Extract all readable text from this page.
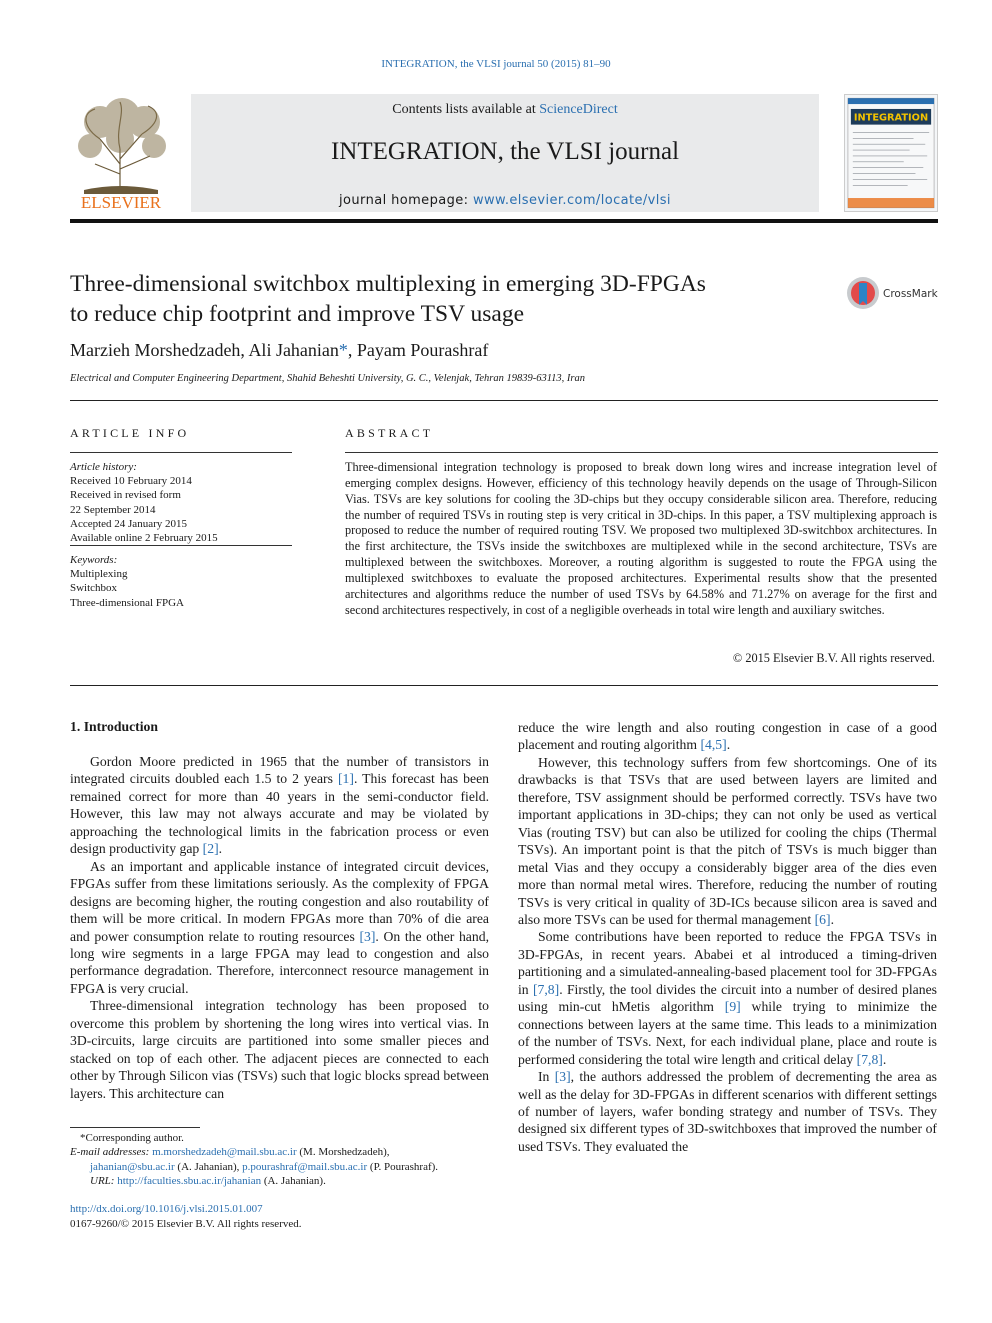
INTEGRATION, the VLSI journal 50 (2015) 81–90
ELSEVIER
Contents lists available at ScienceDirect
INTEGRATION, the VLSI journal
journal homepage: www.elsevier.com/locate/vlsi
INTEGRATION
Three-dimensional switchbox multiplexing in emerging 3D-FPGAs
to reduce chip footprint and improve TSV usage
CrossMark
Marzieh Morshedzadeh, Ali Jahanian*, Payam Pourashraf
Electrical and Computer Engineering Department, Shahid Beheshti University, G. C., Velenjak, Tehran 19839-63113, Iran
ARTICLE INFO
Article history:
Received 10 February 2014
Received in revised form
22 September 2014
Accepted 24 January 2015
Available online 2 February 2015
Keywords:
Multiplexing
Switchbox
Three-dimensional FPGA
ABSTRACT
Three-dimensional integration technology is proposed to break down long wires and increase integration level of emerging complex designs. However, efficiency of this technology heavily depends on the usage of Through-Silicon Vias. TSVs are key solutions for cooling the 3D-chips but they occupy considerable silicon area. Therefore, reducing the number of required TSVs in routing step is very critical in 3D-chips. In this paper, a TSV multiplexing approach is proposed to reduce the number of required routing TSV. We proposed two multiplexed 3D-switchbox architectures. In the first architecture, the TSVs inside the switchboxes are multiplexed while in the second architecture, TSVs are multiplexed between the switchboxes. Moreover, a routing algorithm is suggested to route the FPGA using the multiplexed switchboxes to evaluate the proposed architectures. Experimental results show that the presented architectures and algorithms reduce the number of used TSVs by 64.58% and 71.27% on average for the first and second architectures respectively, in cost of a negligible overheads in total wire length and auxiliary switches.
© 2015 Elsevier B.V. All rights reserved.
1. Introduction

Gordon Moore predicted in 1965 that the number of transistors in integrated circuits doubled each 1.5 to 2 years [1]. This forecast has been remained correct for more than 40 years in the semi-conductor field. However, this law may not always accurate and may be violated by approaching the technological limits in the fabrication process or even design productivity gap [2].

As an important and applicable instance of integrated circuit devices, FPGAs suffer from these limitations seriously. As the complexity of FPGA designs are becoming higher, the routing congestion and also routability of them will be more critical. In modern FPGAs more than 70% of die area and power consumption relate to routing resources [3]. On the other hand, long wire segments in a large FPGA may lead to congestion and also performance degradation. Therefore, interconnect resource management in FPGA is very crucial.

Three-dimensional integration technology has been proposed to overcome this problem by shortening the long wires into vertical vias. In 3D-circuits, large circuits are partitioned into some smaller pieces and stacked on top of each other. The adjacent pieces are connected to each other by Through Silicon vias (TSVs) such that logic blocks spread between layers. This architecture can

reduce the wire length and also routing congestion in case of a good placement and routing algorithm [4,5].

However, this technology suffers from few shortcomings. One of its drawbacks is that TSVs that are used between layers are limited and therefore, TSV assignment should be performed correctly. TSVs have two important applications in 3D-chips; they can not only be used as vertical Vias (routing TSV) but can also be utilized for cooling the chips (Thermal TSVs). An important point is that the pitch of TSVs is much bigger than metal Vias and they occupy a considerably bigger area of the dies even more than normal metal wires. Therefore, reducing the number of routing TSVs is very critical in quality of 3D-ICs because silicon area is saved and also more TSVs can be used for thermal management [6].

Some contributions have been reported to reduce the FPGA TSVs in 3D-FPGAs, in recent years. Ababei et al introduced a timing-driven partitioning and a simulated-annealing-based placement tool for 3D-FPGAs in [7,8]. Firstly, the tool divides the circuit into a number of desired planes using min-cut hMetis algorithm [9] while trying to minimize the connections between layers at the same time. This leads to a minimization of the number of TSVs. Next, for each individual plane, place and route is performed considering the total wire length and critical delay [7,8].

In [3], the authors addressed the problem of decrementing the area as well as the delay for 3D-FPGAs in different scenarios with different settings of number of layers, wafer bonding strategy and number of TSVs. They designed six different types of 3D-switchboxes that improved the number of used TSVs. They evaluated the

*Corresponding author.
E-mail addresses: m.morshedzadeh@mail.sbu.ac.ir (M. Morshedzadeh),
jahanian@sbu.ac.ir (A. Jahanian), p.pourashraf@mail.sbu.ac.ir (P. Pourashraf).
URL: http://faculties.sbu.ac.ir/jahanian (A. Jahanian).
http://dx.doi.org/10.1016/j.vlsi.2015.01.007
0167-9260/© 2015 Elsevier B.V. All rights reserved.
